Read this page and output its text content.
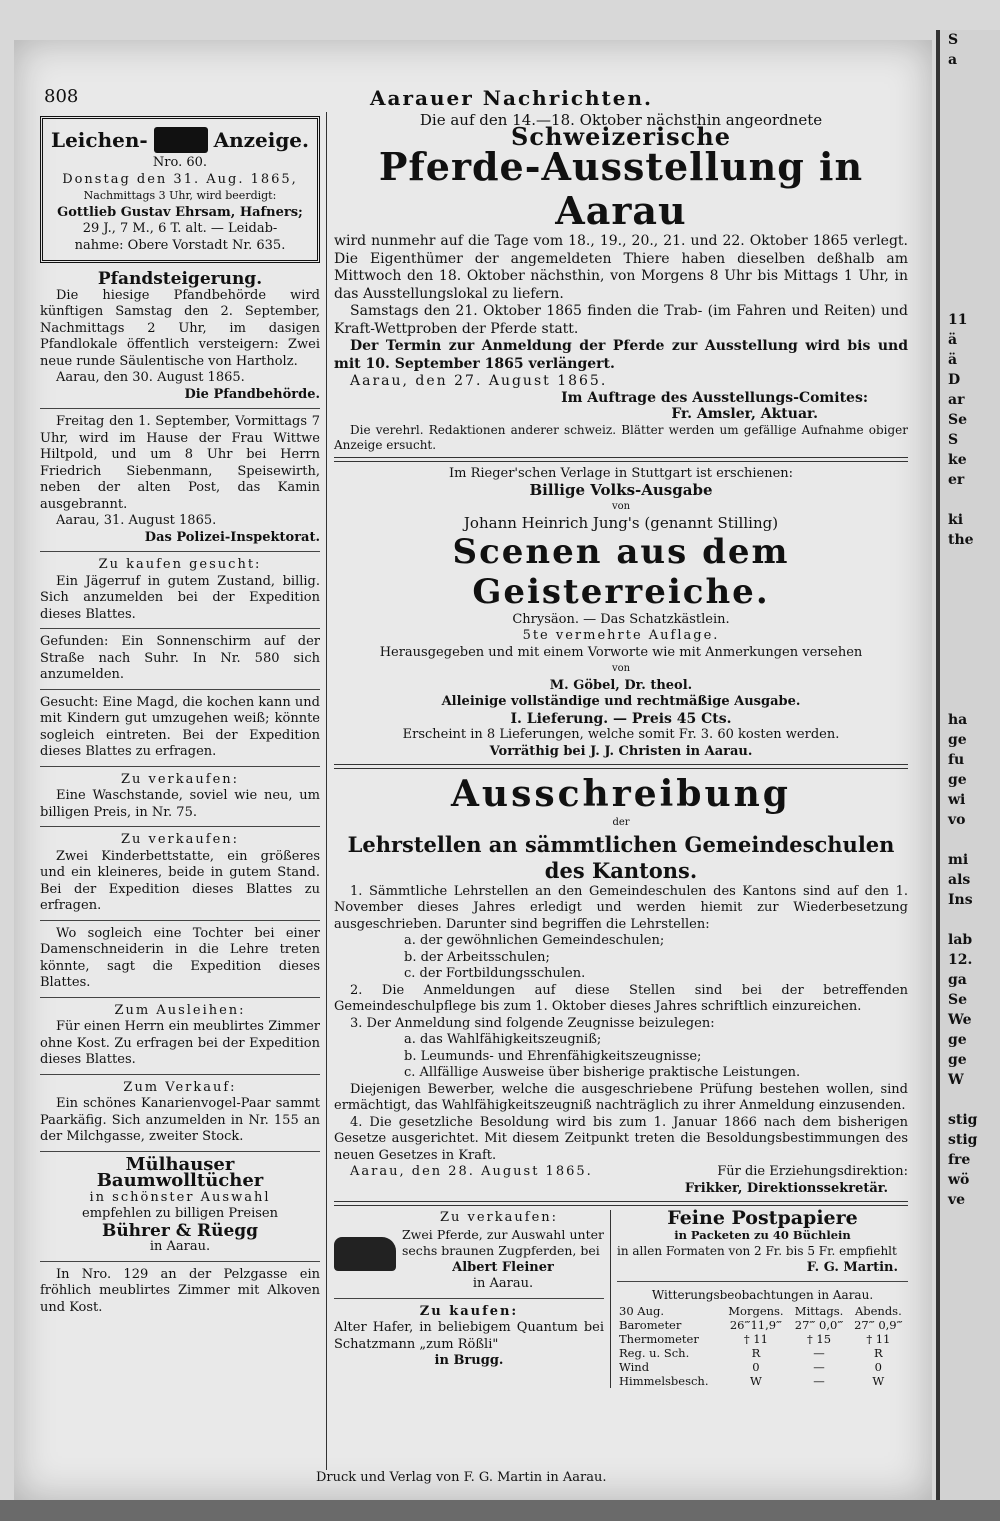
S
a

11
ä
ä
D
ar
Se
S
ke
er

ki
the

ha
ge
fu
ge
wi
vo

mi
als
Ins

lab
12.
ga
Se
We
ge
ge
W

stig
stig
fre
wö
ve
808	Aarauer Nachrichten.
Leichen-	Anzeige.
Nro. 60.
Donstag den 31. Aug. 1865,
Nachmittags 3 Uhr, wird beerdigt:
Gottlieb Gustav Ehrsam, Hafners;
29 J., 7 M., 6 T. alt. — Leidab-
nahme: Obere Vorstadt Nr. 635.
Pfandsteigerung.
Die hiesige Pfandbehörde wird künftigen Samstag den 2. September, Nachmittags 2 Uhr, im dasigen Pfandlokale öffentlich versteigern: Zwei neue runde Säulentische von Hartholz.
Aarau, den 30. August 1865.
Die Pfandbehörde.
Freitag den 1. September, Vormittags 7 Uhr, wird im Hause der Frau Wittwe Hiltpold, und um 8 Uhr bei Herrn Friedrich Siebenmann, Speisewirth, neben der alten Post, das Kamin ausgebrannt.
Aarau, 31. August 1865.
Das Polizei-Inspektorat.
Zu kaufen gesucht:
Ein Jägerruf in gutem Zustand, billig. Sich anzumelden bei der Expedition dieses Blattes.
Gefunden: Ein Sonnenschirm auf der Straße nach Suhr. In Nr. 580 sich anzumelden.
Gesucht: Eine Magd, die kochen kann und mit Kindern gut umzugehen weiß; könnte sogleich eintreten. Bei der Expedition dieses Blattes zu erfragen.
Zu verkaufen:
Eine Waschstande, soviel wie neu, um billigen Preis, in Nr. 75.
Zu verkaufen:
Zwei Kinderbettstatte, ein größeres und ein kleineres, beide in gutem Stand. Bei der Expedition dieses Blattes zu erfragen.
Wo sogleich eine Tochter bei einer Damenschneiderin in die Lehre treten könnte, sagt die Expedition dieses Blattes.
Zum Ausleihen:
Für einen Herrn ein meublirtes Zimmer ohne Kost. Zu erfragen bei der Expedition dieses Blattes.
Zum Verkauf:
Ein schönes Kanarienvogel-Paar sammt Paarkäfig. Sich anzumelden in Nr. 155 an der Milchgasse, zweiter Stock.
Mülhauser Baumwolltücher
in schönster Auswahl
empfehlen zu billigen Preisen
Bührer & Rüegg
in Aarau.
In Nro. 129 an der Pelzgasse ein fröhlich meublirtes Zimmer mit Alkoven und Kost.
Die auf den 14.—18. Oktober nächsthin angeordnete
Schweizerische
Pferde-Ausstellung in Aarau
wird nunmehr auf die Tage vom 18., 19., 20., 21. und 22. Oktober 1865 verlegt. Die Eigenthümer der angemeldeten Thiere haben dieselben deßhalb am Mittwoch den 18. Oktober nächsthin, von Morgens 8 Uhr bis Mittags 1 Uhr, in das Ausstellungslokal zu liefern.
Samstags den 21. Oktober 1865 finden die Trab- (im Fahren und Reiten) und Kraft-Wettproben der Pferde statt.
Der Termin zur Anmeldung der Pferde zur Ausstellung wird bis und mit 10. September 1865 verlängert.
Aarau, den 27. August 1865.
Im Auftrage des Ausstellungs-Comites:
Fr. Amsler, Aktuar.
Die verehrl. Redaktionen anderer schweiz. Blätter werden um gefällige Aufnahme obiger Anzeige ersucht.
Im Rieger'schen Verlage in Stuttgart ist erschienen:
Billige Volks-Ausgabe
von
Johann Heinrich Jung's (genannt Stilling)
Scenen aus dem Geisterreiche.
Chrysäon. — Das Schatzkästlein.
5te vermehrte Auflage.
Herausgegeben und mit einem Vorworte wie mit Anmerkungen versehen
von
M. Göbel, Dr. theol.
Alleinige vollständige und rechtmäßige Ausgabe.
I. Lieferung. — Preis 45 Cts.
Erscheint in 8 Lieferungen, welche somit Fr. 3. 60 kosten werden.
Vorräthig bei J. J. Christen in Aarau.
Ausschreibung
der
Lehrstellen an sämmtlichen Gemeindeschulen des Kantons.
1. Sämmtliche Lehrstellen an den Gemeindeschulen des Kantons sind auf den 1. November dieses Jahres erledigt und werden hiemit zur Wiederbesetzung ausgeschrieben. Darunter sind begriffen die Lehrstellen:
a. der gewöhnlichen Gemeindeschulen;
b. der Arbeitsschulen;
c. der Fortbildungsschulen.
2. Die Anmeldungen auf diese Stellen sind bei der betreffenden Gemeindeschulpflege bis zum 1. Oktober dieses Jahres schriftlich einzureichen.
3. Der Anmeldung sind folgende Zeugnisse beizulegen:
a. das Wahlfähigkeitszeugniß;
b. Leumunds- und Ehrenfähigkeitszeugnisse;
c. Allfällige Ausweise über bisherige praktische Leistungen.
Diejenigen Bewerber, welche die ausgeschriebene Prüfung bestehen wollen, sind ermächtigt, das Wahlfähigkeitszeugniß nachträglich zu ihrer Anmeldung einzusenden.
4. Die gesetzliche Besoldung wird bis zum 1. Januar 1866 nach dem bisherigen Gesetze ausgerichtet. Mit diesem Zeitpunkt treten die Besoldungsbestimmungen des neuen Gesetzes in Kraft.
Aarau, den 28. August 1865.	Für die Erziehungsdirektion:
Frikker, Direktionssekretär.
Zu verkaufen:
Zwei Pferde, zur Auswahl unter sechs braunen Zugpferden, bei
Albert Fleiner
in Aarau.
Zu kaufen:
Alter Hafer, in beliebigem Quantum bei Schatzmann „zum Rößli"
in Brugg.
Feine Postpapiere
in Packeten zu 40 Büchlein
in allen Formaten von 2 Fr. bis 5 Fr. empfiehlt
F. G. Martin.
Witterungsbeobachtungen in Aarau.
30 Aug.	Morgens.	Mittags.	Abends.
Barometer	26‴11,9‴	27‴ 0,0‴	27‴ 0,9‴
Thermometer	† 11	† 15	† 11
Reg. u. Sch.	R	—	R
Wind	0	—	0
Himmelsbesch.	W	—	W
Druck und Verlag von F. G. Martin in Aarau.
